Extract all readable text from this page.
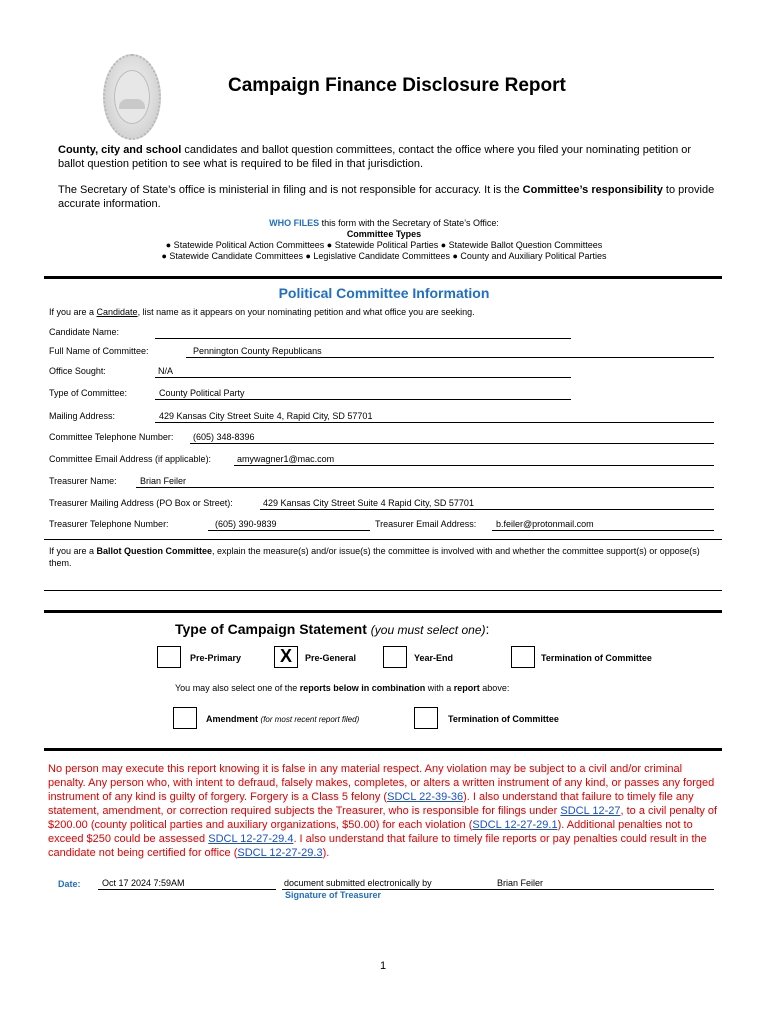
Campaign Finance Disclosure Report
County, city and school candidates and ballot question committees, contact the office where you filed your nominating petition or ballot question petition to see what is required to be filed in that jurisdiction.
The Secretary of State’s office is ministerial in filing and is not responsible for accuracy. It is the Committee’s responsibility to provide accurate information.
WHO FILES this form with the Secretary of State’s Office:
Committee Types
● Statewide Political Action Committees ● Statewide Political Parties ● Statewide Ballot Question Committees
● Statewide Candidate Committees ● Legislative Candidate Committees ● County and Auxiliary Political Parties
Political Committee Information
If you are a Candidate, list name as it appears on your nominating petition and what office you are seeking.
Candidate Name:
Full Name of Committee:	Pennington County Republicans
Office Sought:	N/A
Type of Committee:	County Political Party
Mailing Address:	429 Kansas City Street Suite 4, Rapid City, SD 57701
Committee Telephone Number: (605) 348-8396
Committee Email Address (if applicable):	amywagner1@mac.com
Treasurer Name:	Brian Feiler
Treasurer Mailing Address (PO Box or Street):	429 Kansas City Street Suite 4 Rapid City, SD 57701
Treasurer Telephone Number:	(605) 390-9839	Treasurer Email Address: b.feiler@protonmail.com
If you are a Ballot Question Committee, explain the measure(s) and/or issue(s) the committee is involved with and whether the committee support(s) or oppose(s) them.
Type of Campaign Statement (you must select one):
Pre-Primary	X	Pre-General	Year-End	Termination of Committee
You may also select one of the reports below in combination with a report above:
Amendment (for most recent report filed)	Termination of Committee
No person may execute this report knowing it is false in any material respect. Any violation may be subject to a civil and/or criminal penalty. Any person who, with intent to defraud, falsely makes, completes, or alters a written instrument of any kind, or passes any forged instrument of any kind is guilty of forgery. Forgery is a Class 5 felony (SDCL 22-39-36). I also understand that failure to timely file any statement, amendment, or correction required subjects the Treasurer, who is responsible for filings under SDCL 12-27, to a civil penalty of $200.00 (county political parties and auxiliary organizations, $50.00) for each violation (SDCL 12-27-29.1). Additional penalties not to exceed $250 could be assessed SDCL 12-27-29.4. I also understand that failure to timely file reports or pay penalties could result in the candidate not being certified for office (SDCL 12-27-29.3).
Date: Oct 17 2024 7:59AM	document submitted electronically by	Brian Feiler
Signature of Treasurer
1
